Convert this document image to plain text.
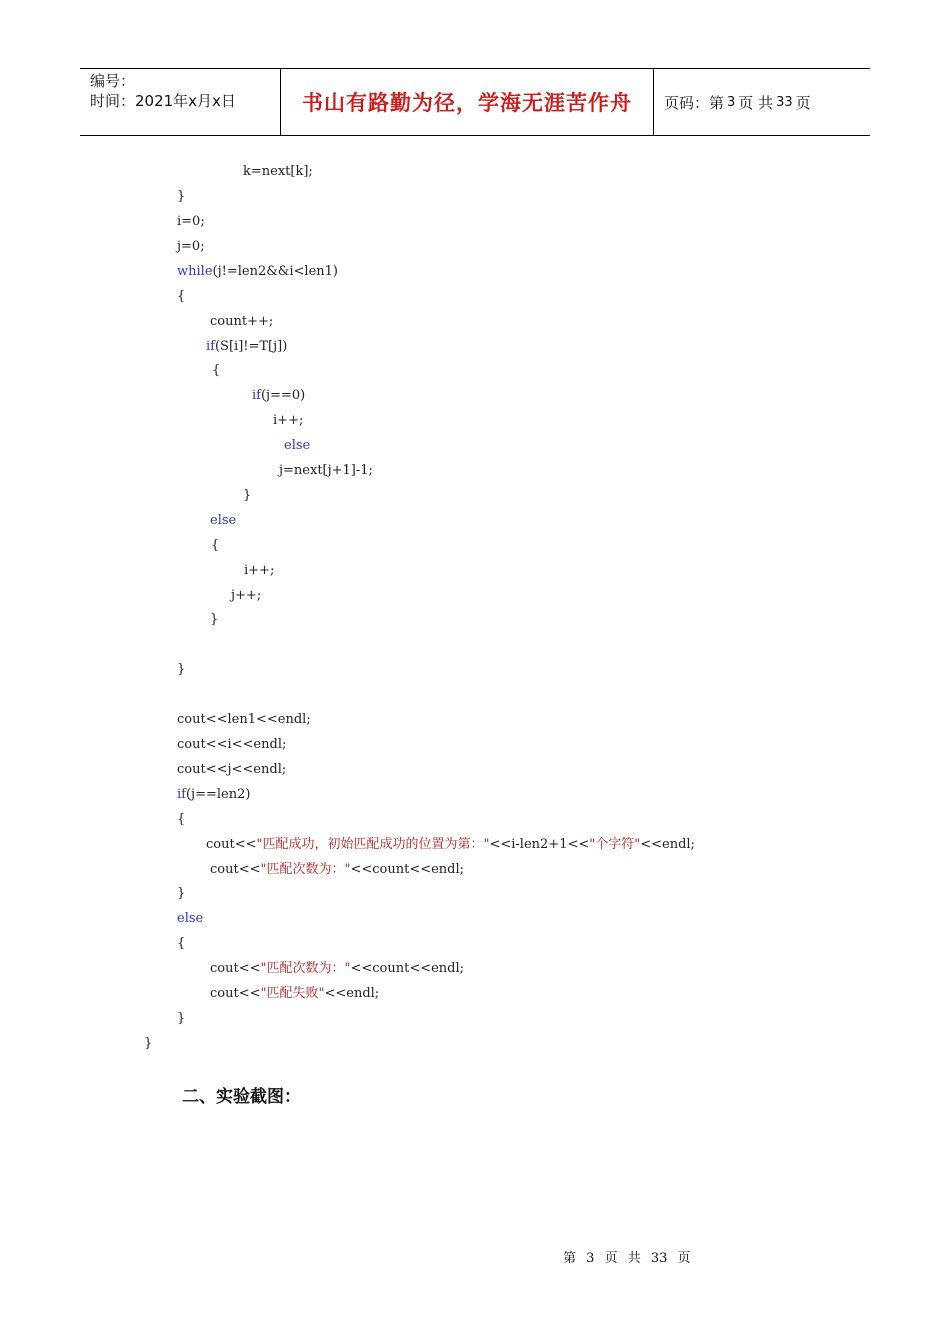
编号：
时间：2021年x月x日	书山有路勤为径，学海无涯苦作舟	页码：第 3 页 共 33 页
k=next[k];
}
i=0;
j=0;
while(j!=len2&&i<len1)
{
count++;
if(S[i]!=T[j])
{
if(j==0)
i++;
else
j=next[j+1]-1;
}
else
{
i++;
j++;
}
}
cout<<len1<<endl;
cout<<i<<endl;
cout<<j<<endl;
if(j==len2)
{
cout<<"匹配成功，初始匹配成功的位置为第："<<i-len2+1<<"个字符"<<endl;
cout<<"匹配次数为："<<count<<endl;
}
else
{
cout<<"匹配次数为："<<count<<endl;
cout<<"匹配失败"<<endl;
}
}
二、实验截图：
第 3 页 共 33 页
